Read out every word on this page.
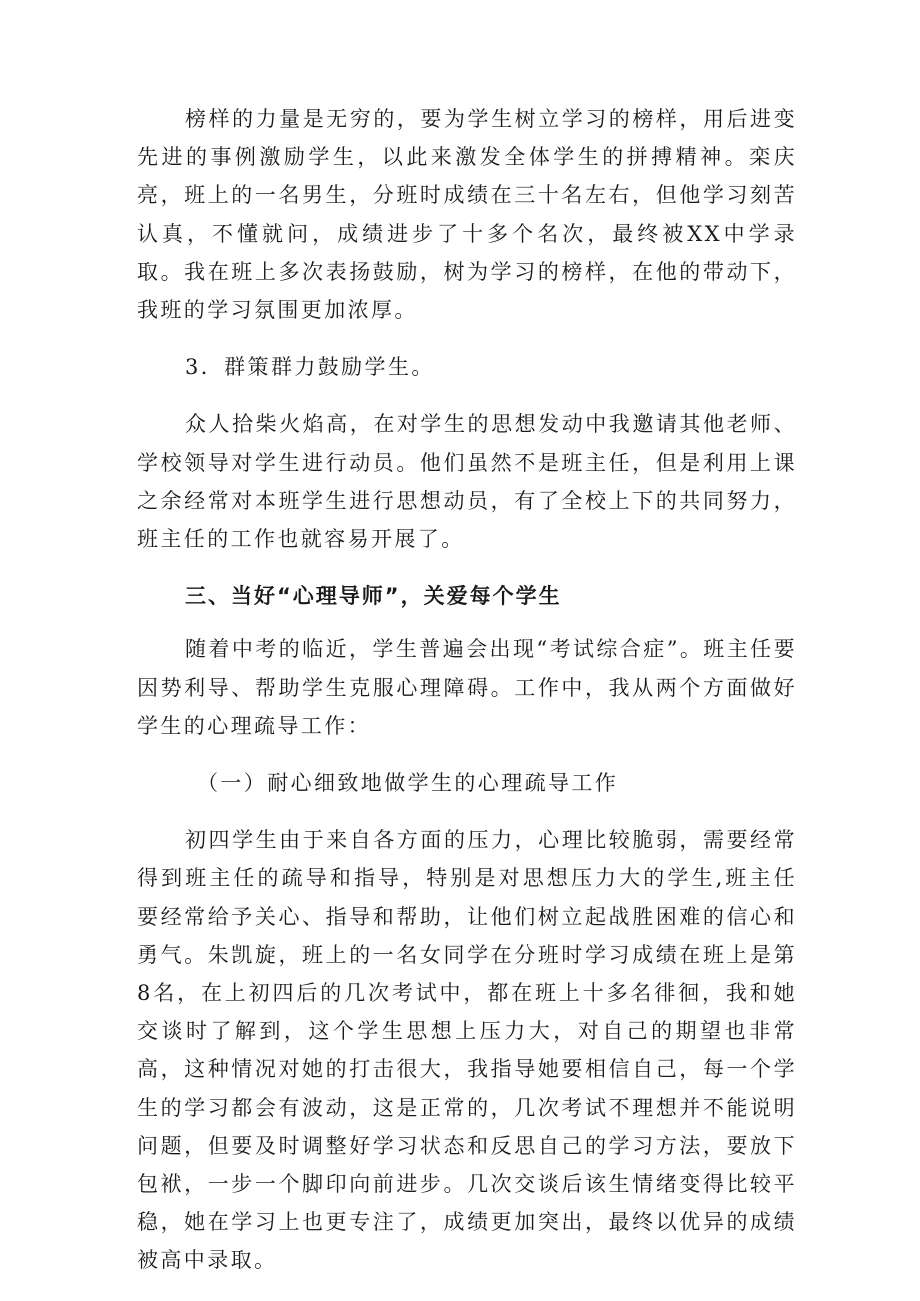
榜样的力量是无穷的，要为学生树立学习的榜样，用后进变先进的事例激励学生，以此来激发全体学生的拼搏精神。栾庆亮，班上的一名男生，分班时成绩在三十名左右，但他学习刻苦认真，不懂就问，成绩进步了十多个名次，最终被XX中学录取。我在班上多次表扬鼓励，树为学习的榜样，在他的带动下，我班的学习氛围更加浓厚。

3．群策群力鼓励学生。

众人拾柴火焰高，在对学生的思想发动中我邀请其他老师、学校领导对学生进行动员。他们虽然不是班主任，但是利用上课之余经常对本班学生进行思想动员，有了全校上下的共同努力，班主任的工作也就容易开展了。

三、当好“心理导师”，关爱每个学生

随着中考的临近，学生普遍会出现“考试综合症”。班主任要因势利导、帮助学生克服心理障碍。工作中，我从两个方面做好学生的心理疏导工作：

（一）耐心细致地做学生的心理疏导工作

初四学生由于来自各方面的压力，心理比较脆弱，需要经常得到班主任的疏导和指导，特别是对思想压力大的学生,班主任要经常给予关心、指导和帮助，让他们树立起战胜困难的信心和勇气。朱凯旋，班上的一名女同学在分班时学习成绩在班上是第8名，在上初四后的几次考试中，都在班上十多名徘徊，我和她交谈时了解到，这个学生思想上压力大，对自己的期望也非常高，这种情况对她的打击很大，我指导她要相信自己，每一个学生的学习都会有波动，这是正常的，几次考试不理想并不能说明问题，但要及时调整好学习状态和反思自己的学习方法，要放下包袱，一步一个脚印向前进步。几次交谈后该生情绪变得比较平稳，她在学习上也更专注了，成绩更加突出，最终以优异的成绩被高中录取。
